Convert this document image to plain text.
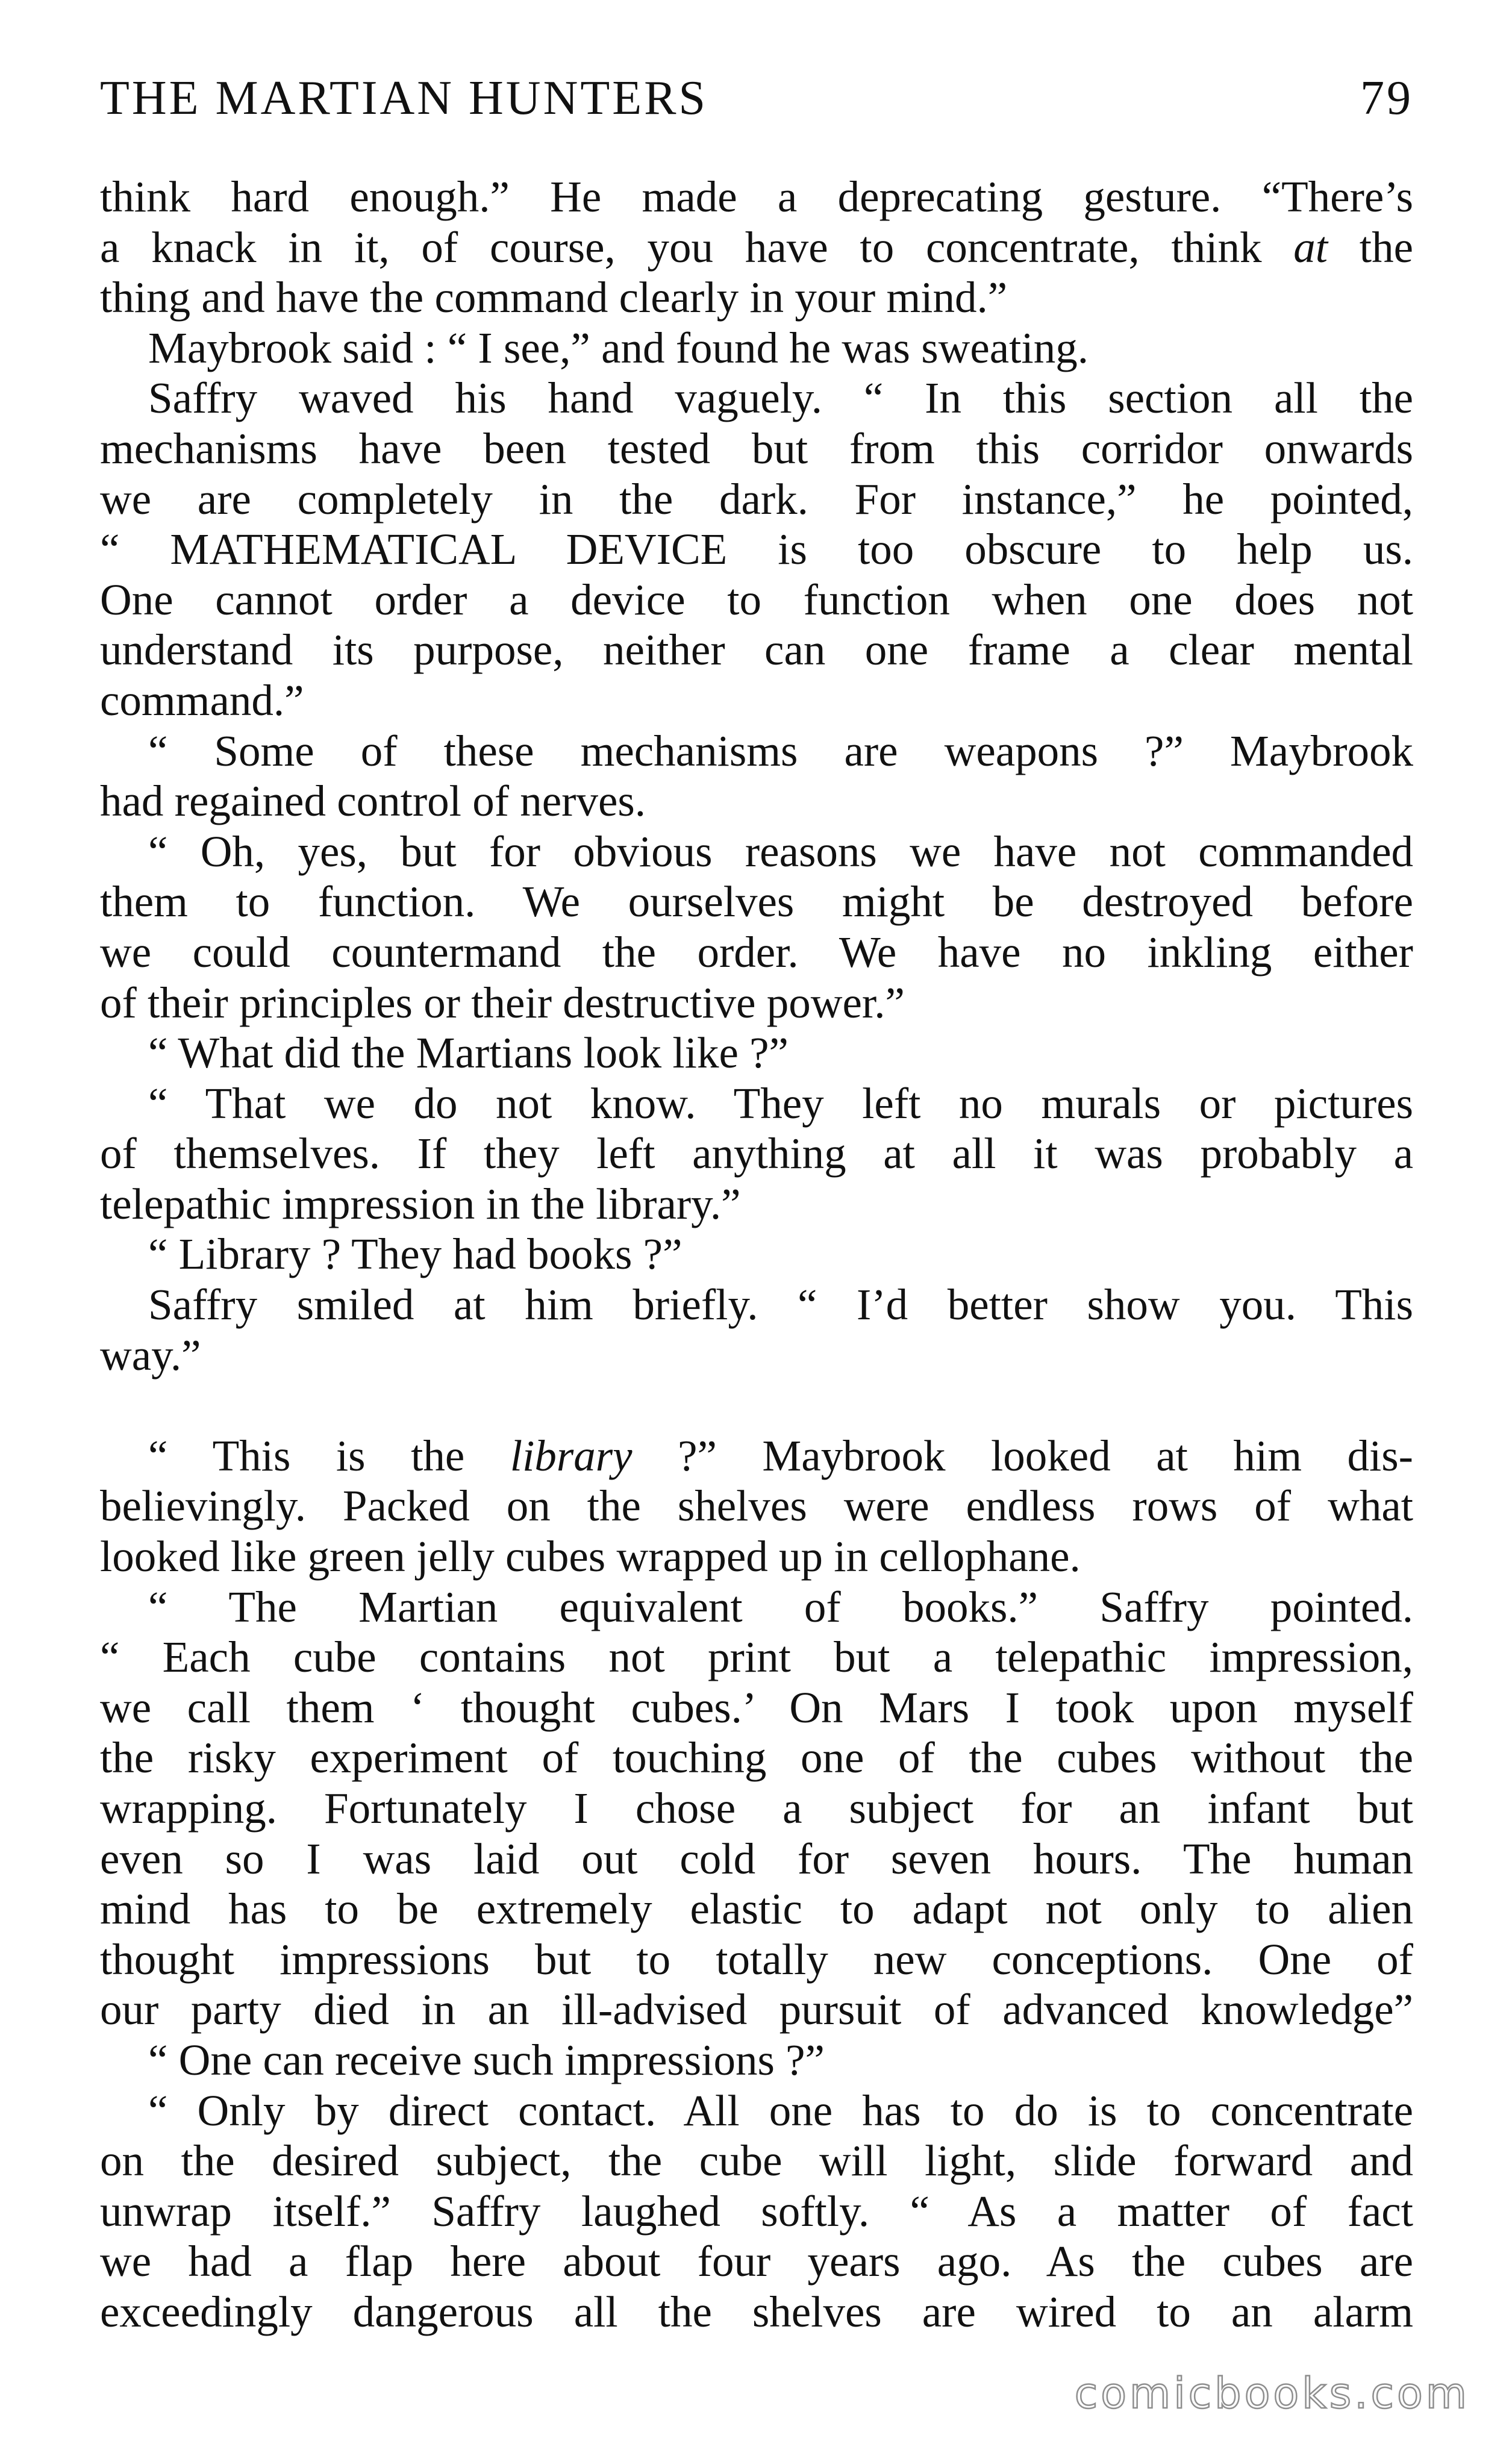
THE MARTIAN HUNTERS	79
think hard enough.” He made a deprecating gesture. “There’s
a knack in it, of course, you have to concentrate, think at the
thing and have the command clearly in your mind.”
Maybrook said : “ I see,” and found he was sweating.
Saffry waved his hand vaguely. “ In this section all the
mechanisms have been tested but from this corridor onwards
we are completely in the dark. For instance,” he pointed,
“ MATHEMATICAL DEVICE is too obscure to help us.
One cannot order a device to function when one does not
understand its purpose, neither can one frame a clear mental
command.”
“ Some of these mechanisms are weapons ?” Maybrook
had regained control of nerves.
“ Oh, yes, but for obvious reasons we have not commanded
them to function. We ourselves might be destroyed before
we could countermand the order. We have no inkling either
of their principles or their destructive power.”
“ What did the Martians look like ?”
“ That we do not know. They left no murals or pictures
of themselves. If they left anything at all it was probably a
telepathic impression in the library.”
“ Library ? They had books ?”
Saffry smiled at him briefly. “ I’d better show you. This
way.”
“ This is the library ?” Maybrook looked at him dis-
believingly. Packed on the shelves were endless rows of what
looked like green jelly cubes wrapped up in cellophane.
“ The Martian equivalent of books.” Saffry pointed.
“ Each cube contains not print but a telepathic impression,
we call them ‘ thought cubes.’ On Mars I took upon myself
the risky experiment of touching one of the cubes without the
wrapping. Fortunately I chose a subject for an infant but
even so I was laid out cold for seven hours. The human
mind has to be extremely elastic to adapt not only to alien
thought impressions but to totally new conceptions. One of
our party died in an ill-advised pursuit of advanced knowledge”
“ One can receive such impressions ?”
“ Only by direct contact. All one has to do is to concentrate
on the desired subject, the cube will light, slide forward and
unwrap itself.” Saffry laughed softly. “ As a matter of fact
we had a flap here about four years ago. As the cubes are
exceedingly dangerous all the shelves are wired to an alarm
comicbooks.com
